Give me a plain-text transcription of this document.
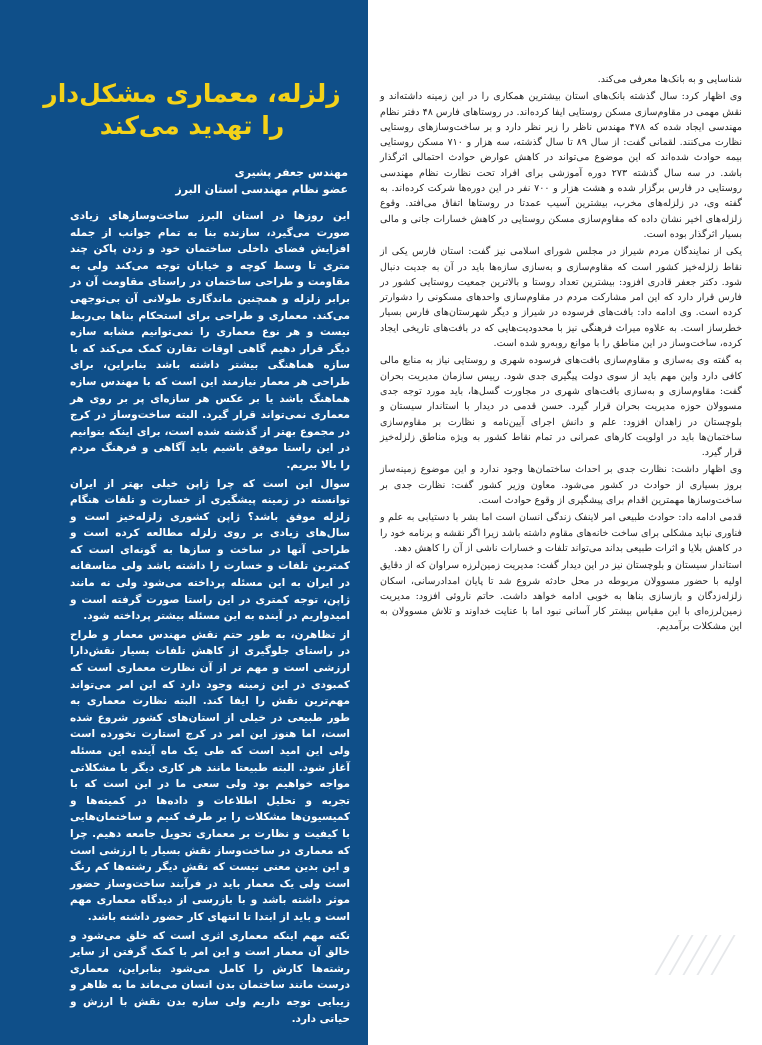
زلزله، معماری مشکل‌دار
را تهدید می‌کند
مهندس جعفر پشیری
عضو نظام مهندسی استان البرز

این روزها در استان البرز ساخت‌وسازهای زیادی صورت می‌گیرد، سازنده بنا به تمام جوانب از جمله افزایش فضای داخلی ساختمان خود و زدن پاکن چند متری تا وسط کوچه و خیابان توجه می‌کند ولی به مقاومت و طراحی ساختمان در راستای مقاومت آن در برابر زلزله و همچنین ماندگاری طولانی آن بی‌توجهی می‌کند. معماری و طراحی برای استحکام بناها بی‌ربط نیست و هر نوع معماری را نمی‌توانیم مشابه سازه دیگر قرار دهیم گاهی اوقات تقارن کمک می‌کند که با سازه هماهنگی بیشتر داشته باشد بنابراین، برای طراحی هر معمار نیازمند این است که با مهندس سازه هماهنگ باشد یا بر عکس هر سازه‌ای پر بر روی هر معماری نمی‌تواند قرار گیرد. البته ساخت‌وساز در کرج در مجموع بهتر از گذشته شده است، برای اینکه بتوانیم در این راستا موفق باشیم باید آگاهی و فرهنگ مردم را بالا ببریم.

سوال این است که چرا ژاپن خیلی بهتر از ایران توانسته در زمینه پیشگیری از خسارت و تلفات هنگام زلزله موفق باشد؟ ژاپن کشوری زلزله‌خیز است و سال‌های زیادی بر روی زلزله مطالعه کرده است و طراحی آنها در ساخت و سازها به گونه‌ای است که کمترین تلفات و خسارت را داشته باشد ولی متاسفانه در ایران به این مسئله پرداخته می‌شود ولی نه مانند ژاپن، توجه کمتری در این راستا صورت گرفته است و امیدواریم در آینده به این مسئله بیشتر پرداخته شود.

از تظاهرن، به طور حتم نقش مهندس معمار و طراح در راستای جلوگیری از کاهش تلفات بسیار نقش‌دارا ارزشی است و مهم تر از آن نظارت معماری است که کمبودی در این زمینه وجود دارد که این امر می‌تواند مهم‌ترین نقش را ایفا کند. البته نظارت معماری به طور طبیعی در خیلی از استان‌های کشور شروع شده است، اما هنوز این امر در کرج استارت نخورده است ولی این امید است که طی یک ماه آینده این مسئله آغاز شود. البته طبیعتا مانند هر کاری دیگر با مشکلاتی مواجه خواهیم بود ولی سعی ما در این است که با تجربه و تحلیل اطلاعات و داده‌ها در کمیته‌ها و کمیسیون‌ها مشکلات را بر طرف کنیم و ساختمان‌هایی با کیفیت و نظارت بر معماری تحویل جامعه دهیم. چرا که معماری در ساخت‌وساز نقش بسیار با ارزشی است و این بدین معنی نیست که نقش دیگر رشته‌ها کم رنگ است ولی یک معمار باید در فرآیند ساخت‌وساز حضور موثر داشته باشد و با بازرسی از دیدگاه معماری مهم است و باید از ابتدا تا انتهای کار حضور داشته باشد.

نکته مهم اینکه معماری اثری است که خلق می‌شود و خالق آن معمار است و این امر با کمک گرفتن از سایر رشته‌ها کارش را کامل می‌شود بنابراین، معماری درست مانند ساختمان بدن انسان می‌ماند ما به ظاهر و زیبایی توجه داریم ولی سازه بدن نقش با ارزش و حیاتی دارد.

شناسایی و به بانک‌ها معرفی می‌کند.

وی اظهار کرد: سال گذشته بانک‌های استان بیشترین همکاری را در این زمینه داشته‌اند و نقش مهمی در مقاوم‌سازی مسکن روستایی ایفا کرده‌اند. در روستاهای فارس ۴۸ دفتر نظام مهندسی ایجاد شده که ۴۷۸ مهندس ناظر را زیر نظر دارد و بر ساخت‌وسازهای روستایی نظارت می‌کنند. لقمانی گفت: از سال ۸۹ تا سال گذشته، سه هزار و ۷۱۰ مسکن روستایی بیمه حوادث شده‌اند که این موضوع می‌تواند در کاهش عوارض حوادث احتمالی اثرگذار باشد. در سه سال گذشته ۲۷۳ دوره آموزشی برای افراد تحت نظارت نظام مهندسی روستایی در فارس برگزار شده و هشت هزار و ۷۰۰ نفر در این دوره‌ها شرکت کرده‌اند. به گفته وی، در زلزله‌های مخرب، بیشترین آسیب عمدتا در روستاها اتفاق می‌افتد. وقوع زلزله‌های اخیر نشان داده که مقاوم‌سازی مسکن روستایی در کاهش خسارات جانی و مالی بسیار اثرگذار بوده است.

یکی از نمایندگان مردم شیراز در مجلس شورای اسلامی نیز گفت: استان فارس یکی از نقاط زلزله‌خیز کشور است که مقاوم‌سازی و به‌سازی سازه‌ها باید در آن به جدیت دنبال شود. دکتر جعفر قادری افزود: بیشترین تعداد روستا و بالاترین جمعیت روستایی کشور در فارس قرار دارد که این امر مشارکت مردم در مقاوم‌سازی واحدهای مسکونی را دشوارتر کرده است. وی ادامه داد: بافت‌های فرسوده در شیراز و دیگر شهرستان‌های فارس بسیار خطرساز است. به علاوه میراث فرهنگی نیز با محدودیت‌هایی که در بافت‌های تاریخی ایجاد کرده، ساخت‌وساز در این مناطق را با موانع روبه‌رو شده است.

به گفته وی به‌سازی و مقاوم‌سازی بافت‌های فرسوده شهری و روستایی نیاز به منابع مالی کافی دارد واین مهم باید از سوی دولت پیگیری جدی شود. رییس سازمان مدیریت بحران گفت: مقاوم‌سازی و به‌سازی بافت‌های شهری در مجاورت گسل‌ها، باید مورد توجه جدی مسوولان حوزه مدیریت بحران قرار گیرد. حسن قدمی در دیدار با استاندار سیستان و بلوچستان در زاهدان افزود: علم و دانش اجرای آیین‌نامه و نظارت بر مقاوم‌سازی ساختمان‌ها باید در اولویت کارهای عمرانی در تمام نقاط کشور به ویژه مناطق زلزله‌خیز قرار گیرد.

وی اظهار داشت: نظارت جدی بر احداث ساختمان‌ها وجود ندارد و این موضوع زمینه‌ساز بروز بسیاری از حوادث در کشور می‌شود. معاون وزیر کشور گفت: نظارت جدی بر ساخت‌وسازها مهمترین اقدام برای پیشگیری از وقوع حوادث است.

قدمی ادامه داد: حوادث طبیعی امر لاینفک زندگی انسان است اما بشر با دستیابی به علم و فناوری نباید مشکلی برای ساخت خانه‌های مقاوم داشته باشد زیرا اگر نقشه و برنامه خود را در کاهش بلایا و اثرات طبیعی بداند می‌تواند تلفات و خسارات ناشی از آن را کاهش دهد.

استاندار سیستان و بلوچستان نیز در این دیدار گفت: مدیریت زمین‌لرزه سراوان که از دقایق اولیه با حضور مسوولان مربوطه در محل حادثه شروع شد تا پایان امدادرسانی، اسکان زلزله‌زدگان و بازسازی بناها به‌ خوبی ادامه خواهد داشت. حاتم ناروئی افزود: مدیریت زمین‌لرزه‌ای با این مقیاس بیشتر کار آسانی نبود اما با عنایت خداوند و تلاش مسوولان به این مشکلات برآمدیم.
